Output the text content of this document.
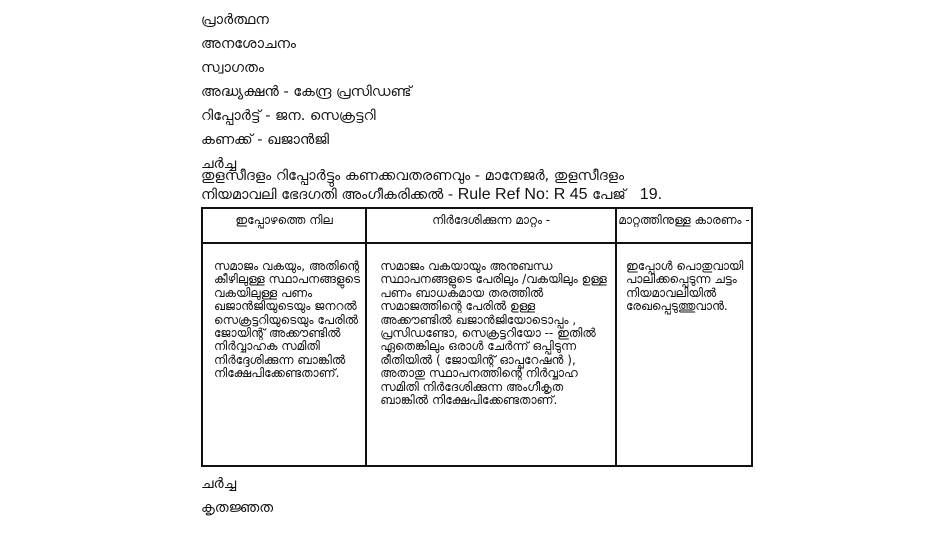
പ്രാർത്ഥന
അനശോചനം
സ്വാഗതം
അദ്ധ്യക്ഷൻ - കേന്ദ്ര പ്രസിഡണ്ട്
റിപ്പോർട്ട് - ജന. സെക്രട്ടറി
കണക്ക് - ഖജാൻജി
ചർച്ച
തുളസീദളം റിപ്പോർട്ടും കണക്കവതരണവും - മാനേജർ, തുളസീദളം
നിയമാവലി ഭേദഗതി അംഗീകരിക്കൽ - Rule Ref No: R 45 പേജ് 19.
ഇപ്പോഴത്തെ നില	നിർദേശിക്കുന്ന മാറ്റം -	മാറ്റത്തിനുള്ള കാരണം -

സമാജം വകയും, അതിന്റെ കീഴിലുള്ള സ്ഥാപനങ്ങളുടെ വകയിലുള്ള പണം ഖജാൻജിയുടെയും ജനറൽ സെക്രട്ടറിയുടെയും പേരിൽ ജോയിന്റ് അക്കൗണ്ടിൽ നിർവ്വാഹക സമിതി നിർദ്ദേശിക്കുന്ന ബാങ്കിൽ നിക്ഷേപിക്കേണ്ടതാണ്.	സമാജം വകയായും അനുബന്ധ സ്ഥാപനങ്ങളുടെ പേരിലും /വകയിലും ഉള്ള പണം ബാധകമായ തരത്തിൽ സമാജത്തിന്റെ പേരിൽ ഉള്ള അക്കൗണ്ടിൽ ഖജാൻജിയോടൊപ്പം , പ്രസിഡണ്ടോ, സെക്രട്ടറിയോ -- ഇതിൽ ഏതെങ്കിലും ഒരാൾ ചേർന്ന് ഒപ്പിടുന്ന രീതിയിൽ ( ജോയിന്റ് ഓപ്പറേഷൻ ), അതാതു സ്ഥാപനത്തിന്റെ നിർവ്വാഹ സമിതി നിർദേശിക്കുന്ന അംഗീകൃത ബാങ്കിൽ നിക്ഷേപിക്കേണ്ടതാണ്.	ഇപ്പോൾ പൊതുവായി പാലിക്കപ്പെടുന്ന ചട്ടം നിയമാവലിയിൽ രേഖപ്പെടുത്തുവാൻ.
ചർച്ച
കൃതജ്ഞത
